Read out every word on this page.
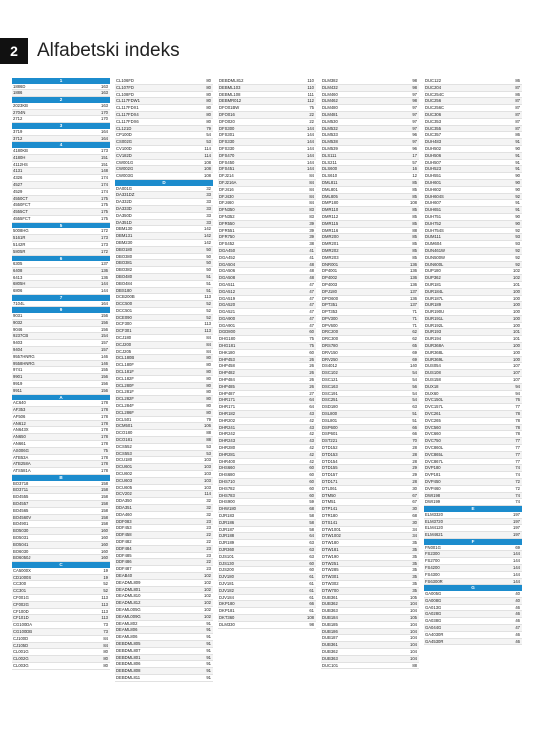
2	Alfabetski indeks
1
1886D	163
1886	163
2
2023KB	163
2704N	170
2712	170
3
3719	164
3712	164
4
4180KB	173
4180H	151
4112HS	151
4131	148
4326	174
4527	174
4529	174
4550CT	175
4550FCT	175
4555CT	175
4555FCT	175
5
5008HG	172
5161R	173
5142R	173
5805R	172
6
6305	137
6408	136
6413	136
6805H	144
6806	144
7
7104L	164
9
9031	156
9032	156
9046	156
9237CB	154
9403	157
9404	157
9557HNRG	146
9558HNRG	146
9741	155
9901	156
9919	156
9911	156
A
AC640	178
AF353	178
AF506	178
AN612	178
AN643X	178
AN650	178
AN661	178
AS006G	75
ATB53A	178
ATB258A	178
ATS581A	178
B
BO3718	158
BO3711	158
BO4555	158
BO4557	158
BO4565	158
BO4560V	158
BO4901	158
BO5030	160
BO5031	160
BO5041	160
BO6030	160
BO6050J	160
C
CA5000X	19
CD1000S	19
CC300	52
CC301	52
CF001G	113
CF002G	113
CF100D	113
CF101D	113
CG100DA	73
CG100DB	73
CJ100D	84
CJ105D	84
CL001G	80
CL002G	80
CL003G	80
CL106FD	80
CL107FD	80
CL108FD	80
CL117FDW1	80
CL117FDX1	80
CL117FDX4	80
CL117FDX6	80
CL121D	79
CP100D	54
CS002G	53
CV100D	114
CV182D	114
CW001G	108
CW002G	108
CW003G	108
D
DA001G	32
DA331DZ	33
DA332D	33
DA333D	33
DA350D	33
DA351D	33
DBM130	142
DBM131	142
DBM230	142
DBO180	50
DBO380	50
DBO381	50
DBO382	50
DBO480	51
DBO484	51
DBS180	51
DCB200B	113
DCC500	52
DCC501	52
DCE090	52
DCF300	113
DCF301	113
DCJ180	84
DCJ200	84
DCJ205	84
DCL180B	80
DCL180F	80
DCL181F	80
DCL182F	80
DCL280F	80
DCL281F	80
DCL282F	80
DCL284F	80
DCL286F	80
DCL501	79
DCM501	106
DCO180	88
DCO181	88
DCS552	53
DCS553	53
DCU180	103
DCU601	103
DCU602	103
DCU603	103
DCU605	103
DCV202	114
DDA350	32
DDA351	32
DDA460	32
DDF083	23
DDF453	23
DDF458	22
DDF482	22
DDF484	23
DDF485	23
DDF486	22
DDF487	23
DEAB40	102
DEADML809	102
DEADML801	102
DEADML810	102
DEADML812	102
DEAML005G	102
DEAML009G	102
DEAML802	91
DEAML806	91
DEAML806	91
DEBDML805	91
DEBDML807	91
DEBDML801	91
DEBDML806	91
DEBDML808	91
DEBDML811	91
DEBDML812	110
DEBML103	110
DEBML108	111
DEBMR012	112
DFO01BW	75
DFO016	22
DFO020	22
DFS300	144
DFS301	144
DFS330	144
DFS330	144
DFS470	144
DFS450	144
DFS451	144
DFJ214	84
DFJ216A	84
DFJ416	84
DFJ430	84
DFJ460	84
DFN350	83
DFN352	83
DFR550	39
DFR551	39
DFR750	39
DFS452	38
DGA450	41
DGA452	41
DGA504	48
DGA506	48
DGA508	48
DGA511	47
DGA512	47
DGA519	47
DGA520	47
DGA521	47
DGA900	47
DGA901	47
DGD800	60
DHG180	75
DHG181	75
DHK180	60
DHP453	26
DHP458	26
DHP482	26
DHP484	26
DHP485	26
DHP487	27
DHR171	64
DHR171	64
DHR182	43
DHR202	42
DHR241	43
DHR242	42
DHR243	43
DHR280	42
DHR281	42
DHR400	42
DHS660	60
DHS680	60
DHS710	60
DHS782	60
DHS783	60
DHS900	59
DHW180	68
DJR183	58
DJR186	58
DJR187	58
DJR188	64
DJR189	63
DJR360	63
DJS101	63
DJS130	60
DJS200	60
DJV180	61
DJV181	61
DJV182	61
DJV184	61
DKP180	66
DKP181	61
DKT360	108
DLM330	98
DLM382	98
DLM432	98
DLM460	97
DLM462	98
DLM480	97
DLM481	97
DLM530	97
DLM532	97
DLM533	96
DLM538	97
DLM539	96
DLS111	17
DLS211	57
DLS600	16
DLS610	12
DML811	85
DML801	85
DML805	85
DMP180	108
DMR110	85
DMR112	85
DMR115	85
DMR116	88
DMR200	85
DMR201	85
DMR202	85
DMR203	85
DNR001	136
DP4001	136
DP4002	136
DP4003	136
DPJ180	137
DPO600	136
DPT351	137
DPT353	71
DPV300	71
DPV600	71
DRC200	62
DRC300	62
DRS780	65
DRV150	69
DRV250	69
DS4012	140
DSC102	54
DSC121	54
DSC163	56
DSC191	54
DSC251	54
DSD180	63
DSL800	51
DSL801	51
DSP600	66
DSP601	66
DST221	70
DTD152	28
DTD153	28
DTD154	28
DTD155	29
DTD157	29
DTD171	28
DTL061	30
DTM50	67
DTM51	67
DTP141	30
DTR180	68
DTS141	30
DTW1001	34
DTW1002	34
DTW180	35
DTW181	35
DTW190	35
DTW251	35
DTW285	35
DTW301	35
DTW302	35
DTW700	35
DUB361	105
DUB362	104
DUB363	104
DUB184	105
DUB185	104
DUB186	104
DUB187	104
DUB361	104
DUB362	104
DUB363	104
DUC101	88
DUC122	86
DUC204	87
DUC254C	86
DUC256	87
DUC256C	87
DUC306	87
DUC353	87
DUC355	87
DUC357	86
DUH483	91
DUH502	90
DUH506	91
DUH507	91
DUH523	91
DUH551	90
DUH601	90
DUH602	90
DUH604S	92
DUH607	91
DUH651	91
DUH751	90
DUH752	90
DUH754S	92
DUM111	93
DUM604	93
DUN461W	92
DUN500W	92
DUN600L	92
DUP180	102
DUP362	102
DUR181	101
DUR184L	100
DUR187L	100
DUR189	100
DUR190U	100
DUR191L	100
DUR192L	100
DUR193	101
DUR194	101
DUR368A	100
DUR368L	100
DUR369L	100
DUS054	107
DUS108	107
DUS158	107
DUX18	94
DUX60	94
DVC150L	76
DVC157L	77
DVC261	78
DVC265	78
DVC560	78
DVC660	78
DVC750	77
DVC860L	77
DVC865L	77
DVC867L	77
DVP180	74
DVP181	74
DVP450	72
DVP460	72
DWI198	74
DWI199	74
E
ELM3320	197
ELM3720	197
ELM4120	197
ELM4621	197
F
FN001G	69
FS2300	144
FS2700	144
FS4200	144
FS4300	144
FS6300R	144
G
GA005G	40
GA008G	40
GA013G	46
GA028G	46
GA038G	46
GA044G	47
GA4030R	46
GA4530R	46
